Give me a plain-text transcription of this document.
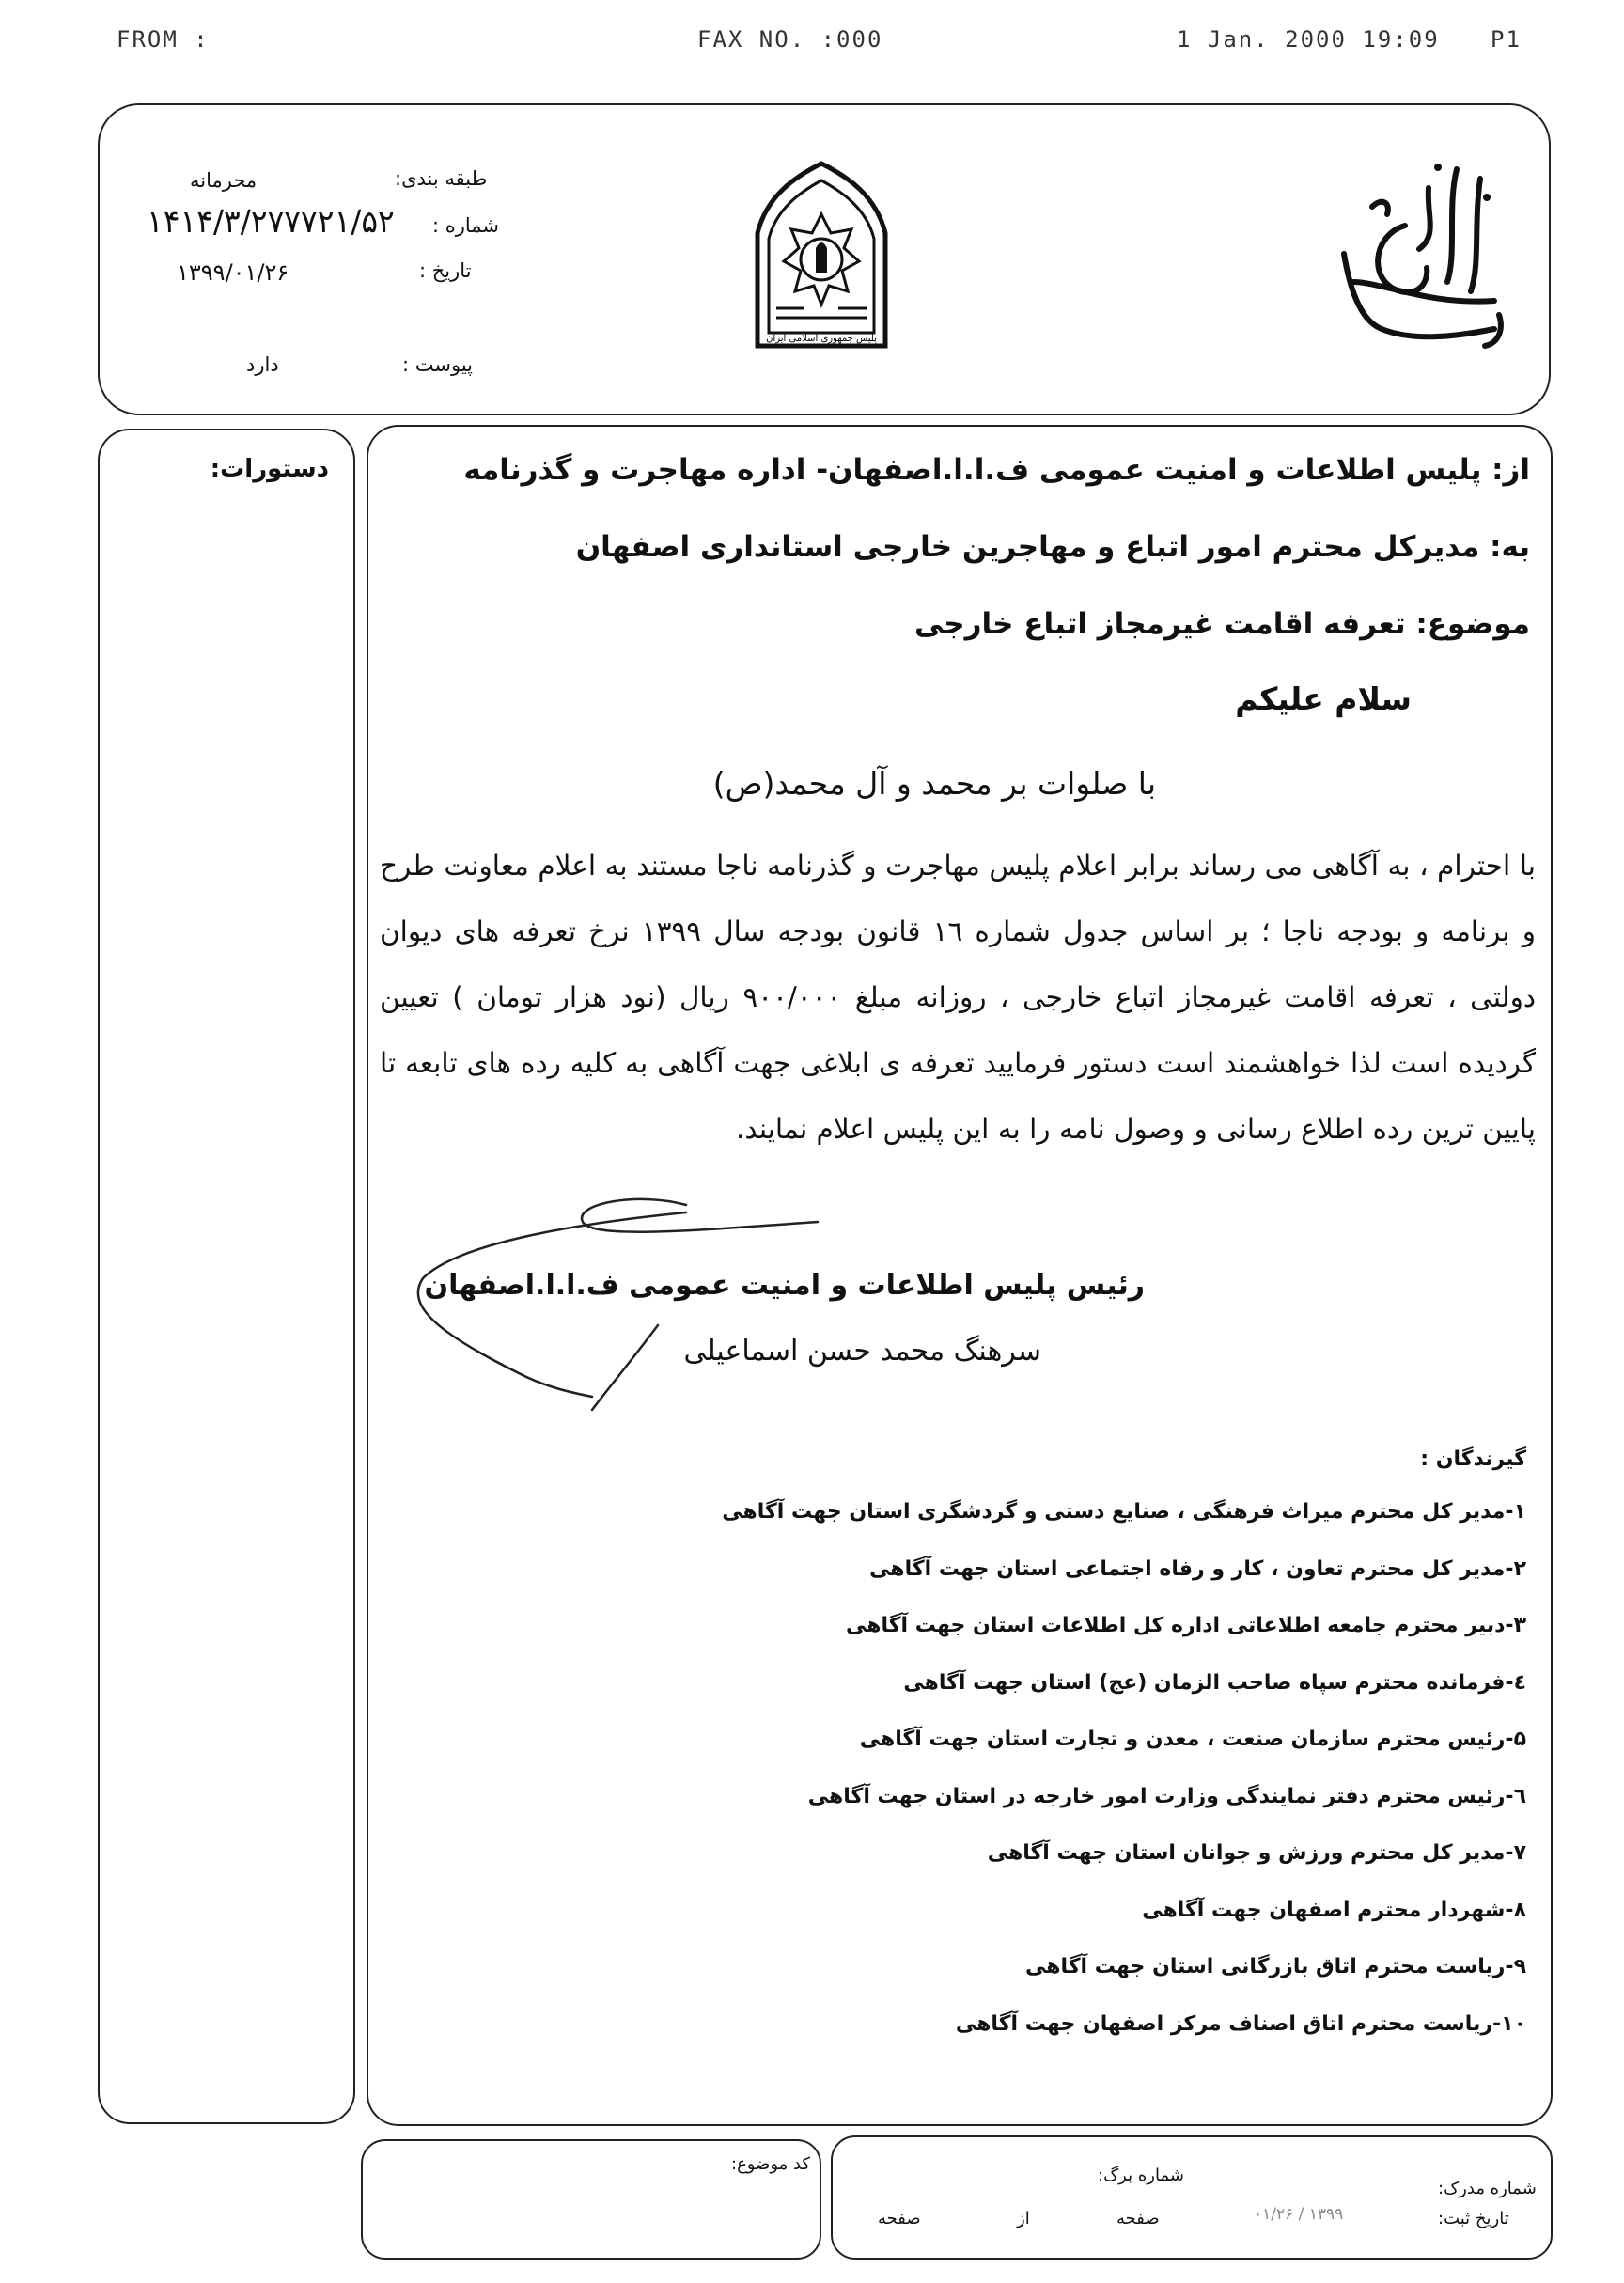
FROM :	FAX NO. :000	1 Jan. 2000 19:09 P1
پلیس جمهوری اسلامی ایران
طبقه بندی:
محرمانه
شماره :
۱۴۱۴/۳/۲۷۷۷۲۱/۵۲
تاریخ :
۱۳۹۹/۰۱/۲۶
پیوست :
دارد
دستورات:	از: پلیس اطلاعات و امنیت عمومی ف.ا.ا.اصفهان- اداره مهاجرت و گذرنامه
به: مدیرکل محترم امور اتباع و مهاجرین خارجی استانداری اصفهان
موضوع: تعرفه اقامت غیرمجاز اتباع خارجی
سلام علیکم
با صلوات بر محمد و آل محمد(ص)
با احترام ، به آگاهی می رساند برابر اعلام پلیس مهاجرت و گذرنامه ناجا مستند به اعلام معاونت طرح و برنامه و بودجه ناجا ؛ بر اساس جدول شماره ١٦ قانون بودجه سال ١٣٩٩ نرخ تعرفه های دیوان دولتی ، تعرفه اقامت غیرمجاز اتباع خارجی ، روزانه مبلغ ۹۰۰/۰۰۰ ریال (نود هزار تومان ) تعیین گردیده است لذا خواهشمند است دستور فرمایید تعرفه ی ابلاغی جهت آگاهی به کلیه رده های تابعه تا پایین ترین رده اطلاع رسانی و وصول نامه را به این پلیس اعلام نمایند.
رئیس پلیس اطلاعات و امنیت عمومی ف.ا.ا.اصفهان
سرهنگ محمد حسن اسماعیلی
گیرندگان :
۱-مدیر کل محترم میراث فرهنگی ، صنایع دستی و گردشگری استان جهت آگاهی
۲-مدیر کل محترم تعاون ، کار و رفاه اجتماعی استان جهت آگاهی
۳-دبیر محترم جامعه اطلاعاتی اداره کل اطلاعات استان جهت آگاهی
٤-فرمانده محترم سپاه صاحب الزمان (عج) استان جهت آگاهی
۵-رئیس محترم سازمان صنعت ، معدن و تجارت استان جهت آگاهی
٦-رئیس محترم دفتر نمایندگی وزارت امور خارجه در استان جهت آگاهی
۷-مدیر کل محترم ورزش و جوانان استان جهت آگاهی
۸-شهردار محترم اصفهان جهت آگاهی
۹-ریاست محترم اتاق بازرگانی استان جهت آگاهی
۱۰-ریاست محترم اتاق اصناف مرکز اصفهان جهت آگاهی
کد موضوع:
شماره برگ:
صفحه
از
صفحه
شماره مدرک:
تاریخ ثبت:
۰۱/۲۶ / ۱۳۹۹
